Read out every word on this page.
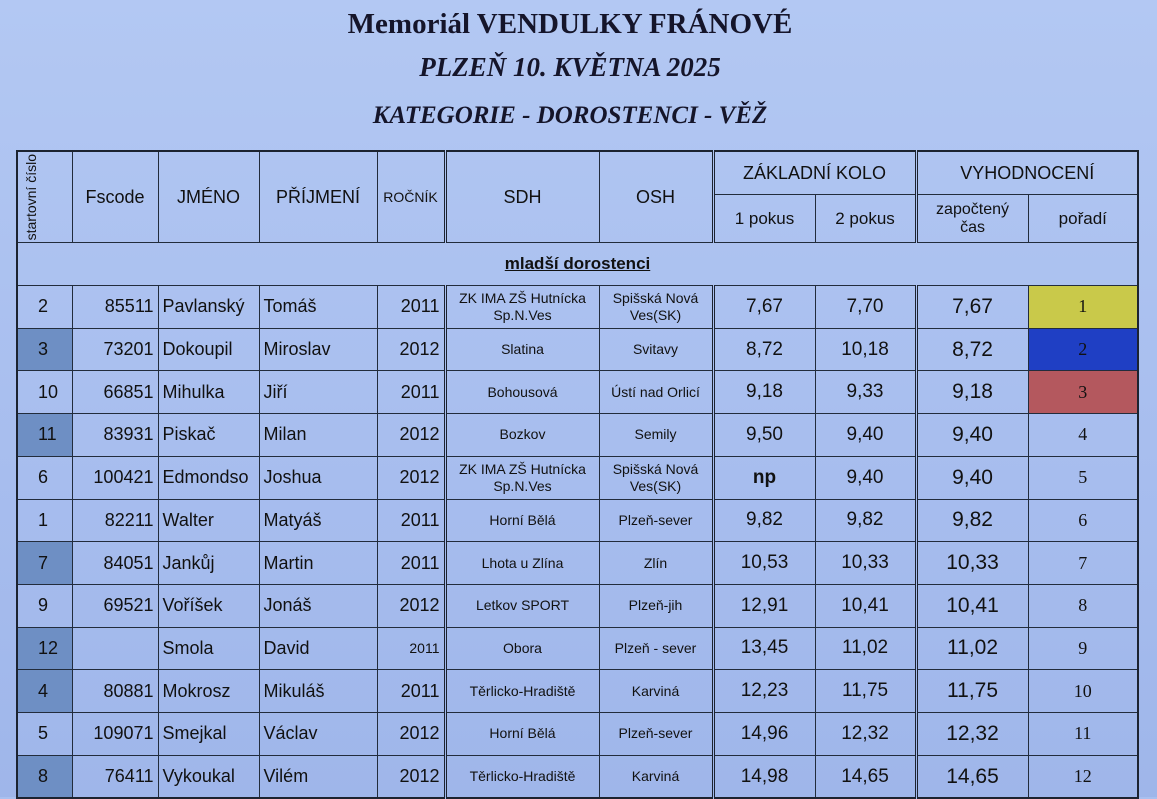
Memoriál VENDULKY FRÁNOVÉ
PLZEŇ 10. KVĚTNA 2025
KATEGORIE - DOROSTENCI - VĚŽ
startovní číslo	Fscode	JMÉNO	PŘÍJMENÍ	ROČNÍK	SDH	OSH	ZÁKLADNÍ KOLO		VYHODNOCENÍ	
							1 pokus	2 pokus	započtený čas	pořadí
mladší dorostenci										
2	85511	Pavlanský	Tomáš	2011	ZK IMA ZŠ Hutnícka Sp.N.Ves	Spišská Nová Ves(SK)	7,67	7,70	7,67	1
3	73201	Dokoupil	Miroslav	2012	Slatina	Svitavy	8,72	10,18	8,72	2
10	66851	Mihulka	Jiří	2011	Bohousová	Ústí nad Orlicí	9,18	9,33	9,18	3
11	83931	Piskač	Milan	2012	Bozkov	Semily	9,50	9,40	9,40	4
6	100421	Edmondso	Joshua	2012	ZK IMA ZŠ Hutnícka Sp.N.Ves	Spišská Nová Ves(SK)	np	9,40	9,40	5
1	82211	Walter	Matyáš	2011	Horní Bělá	Plzeň-sever	9,82	9,82	9,82	6
7	84051	Jankůj	Martin	2011	Lhota u Zlína	Zlín	10,53	10,33	10,33	7
9	69521	Voříšek	Jonáš	2012	Letkov SPORT	Plzeň-jih	12,91	10,41	10,41	8
12		Smola	David	2011	Obora	Plzeň - sever	13,45	11,02	11,02	9
4	80881	Mokrosz	Mikuláš	2011	Těrlicko-Hradiště	Karviná	12,23	11,75	11,75	10
5	109071	Smejkal	Václav	2012	Horní Bělá	Plzeň-sever	14,96	12,32	12,32	11
8	76411	Vykoukal	Vilém	2012	Těrlicko-Hradiště	Karviná	14,98	14,65	14,65	12
